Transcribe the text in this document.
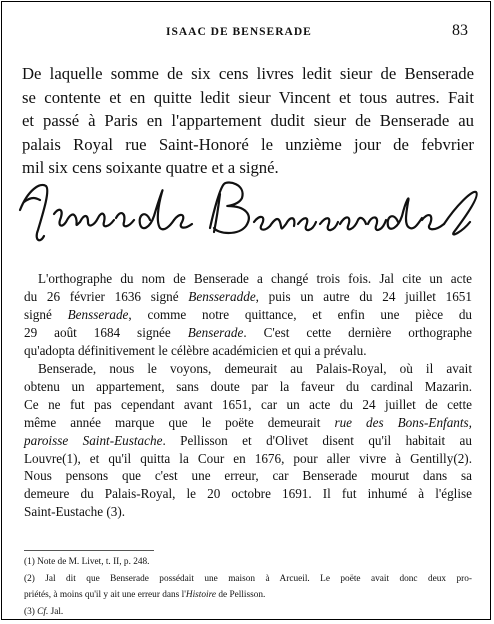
ISAAC DE BENSERADE	83
De laquelle somme de six cens livres ledit sieur de Benserade
se contente et en quitte ledit sieur Vincent et tous autres. Fait
et passé à Paris en l'appartement dudit sieur de Benserade au
palais Royal rue Saint-Honoré le unzième jour de febvrier
mil six cens soixante quatre et a signé.
L'orthographe du nom de Benserade a changé trois fois. Jal cite un acte
du 26 février 1636 signé Bensseradde, puis un autre du 24 juillet 1651
signé Bensserade, comme notre quittance, et enfin une pièce du
29 août 1684 signée Benserade. C'est cette dernière orthographe
qu'adopta définitivement le célèbre académicien et qui a prévalu.
Benserade, nous le voyons, demeurait au Palais-Royal, où il avait
obtenu un appartement, sans doute par la faveur du cardinal Mazarin.
Ce ne fut pas cependant avant 1651, car un acte du 24 juillet de cette
même année marque que le poëte demeurait rue des Bons-Enfants,
paroisse Saint-Eustache. Pellisson et d'Olivet disent qu'il habitait au
Louvre(1), et qu'il quitta la Cour en 1676, pour aller vivre à Gentilly(2).
Nous pensons que c'est une erreur, car Benserade mourut dans sa
demeure du Palais-Royal, le 20 octobre 1691. Il fut inhumé à l'église
Saint-Eustache (3).
(1) Note de M. Livet, t. II, p. 248.
(2) Jal dit que Benserade possédait une maison à Arcueil. Le poëte avait donc deux pro-
priétés, à moins qu'il y ait une erreur dans l'Histoire de Pellisson.
(3) Cf. Jal.
